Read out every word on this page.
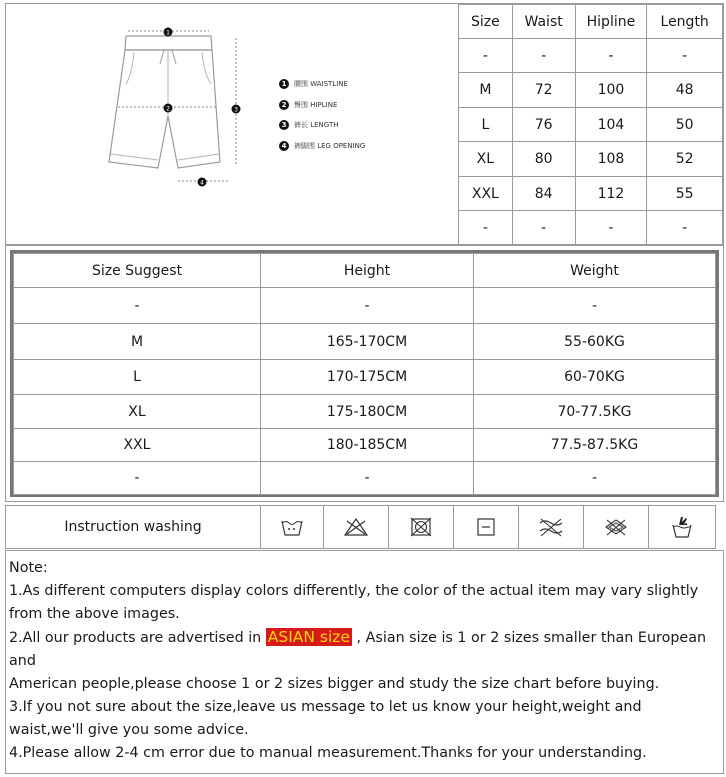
1
2	3
4
1	腰围 WAISTLINE
2	臀围 HIPLINE
3	裤长 LENGTH
4	裤脚围 LEG OPENING
Size	Waist	Hipline	Length
-	-	-	-
M	72	100	48
L	76	104	50
XL	80	108	52
XXL	84	112	55
-	-	-	-
Size Suggest	Height	Weight
-	-	-
M	165-170CM	55-60KG
L	170-175CM	60-70KG
XL	175-180CM	70-77.5KG
XXL	180-185CM	77.5-87.5KG
-	-	-
Instruction washing	

Note:

1.As different computers display colors differently, the color of the actual item may vary slightly from the above images.

2.All our products are advertised in ASIAN size , Asian size is 1 or 2 sizes smaller than European and

American people,please choose 1 or 2 sizes bigger and study the size chart before buying.

3.If you not sure about the size,leave us message to let us know your height,weight and waist,we'll give you some advice.

4.Please allow 2-4 cm error due to manual measurement.Thanks for your understanding.
